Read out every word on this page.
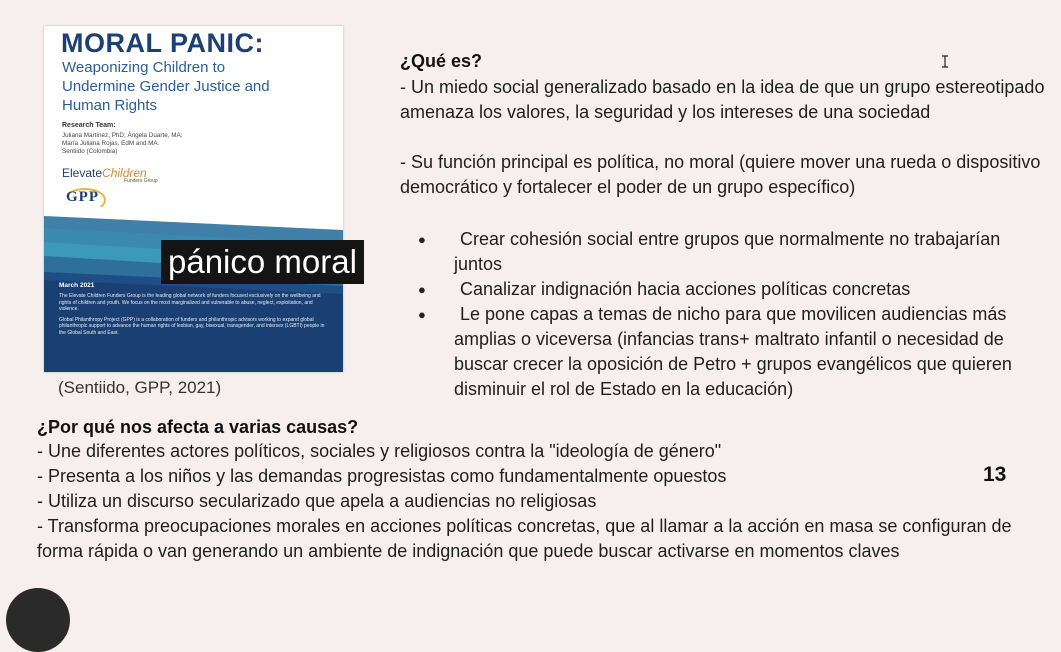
MORAL PANIC:
Weaponizing Children to Undermine Gender Justice and Human Rights
Research Team:
Juliana Martínez, PhD; Ángela Duarte, MA;
María Juliana Rojas, EdM and MA.
Sentiido (Colombia)
ElevateChildren
Funders Group
GPP
March 2021
The Elevate Children Funders Group is the leading global network of funders focused exclusively on the wellbeing and rights of children and youth. We focus on the most marginalized and vulnerable to abuse, neglect, exploitation, and violence.
Global Philanthropy Project (GPP) is a collaboration of funders and philanthropic advisors working to expand global philanthropic support to advance the human rights of lesbian, gay, bisexual, transgender, and intersex (LGBTI) people in the Global South and East.
pánico moral
(Sentiido, GPP, 2021)
¿Qué es?

- Un miedo social generalizado basado en la idea de que un grupo estereotipado amenaza los valores, la seguridad y los intereses de una sociedad

- Su función principal es política, no moral (quiere mover una rueda o dispositivo democrático y fortalecer el poder de un grupo específico)

●	Crear cohesión social entre grupos que normalmente no trabajarían juntos
●	Canalizar indignación hacia acciones políticas concretas
●	Le pone capas a temas de nicho para que movilicen audiencias más amplias o viceversa (infancias trans+ maltrato infantil o necesidad de buscar crecer la oposición de Petro + grupos evangélicos que quieren disminuir el rol de Estado en la educación)
¿Por qué nos afecta a varias causas?

- Une diferentes actores políticos, sociales y religiosos contra la "ideología de género"

- Presenta a los niños y las demandas progresistas como fundamentalmente opuestos

- Utiliza un discurso secularizado que apela a audiencias no religiosas

- Transforma preocupaciones morales en acciones políticas concretas, que al llamar a la acción en masa se configuran de forma rápida o van generando un ambiente de indignación que puede buscar activarse en momentos claves

13
